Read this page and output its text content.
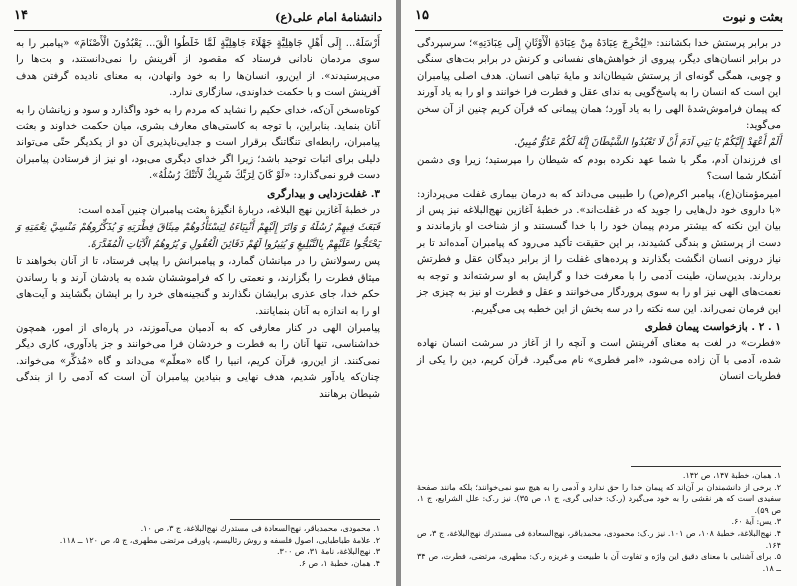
دانشنامهٔ امام علی(ع)
۱۴

أَرْسَلَهُ... إِلَى أَهْلِ جَاهِلِيَّةٍ جَهْلَاءَ جَاهِلِيَّةٍ لَمَّا خَلَطُوا الْقَ... يَعْبُدُونَ الْأَصْنَامَ» «پیامبر را به سوی مردمان نادانی فرستاد که مقصود از آفرینش را نمی‌دانستند، و بت‌ها را می‌پرستیدند». از این‌رو، انسان‌ها را به خود وانهادن، به معنای نادیده گرفتن هدف آفرینش است و با حکمت خداوندی، سازگاری ندارد.

کوتاه‌سخن آن‌که، خدای حکیم را نشاید که مردم را به خود واگذارد و سود و زیانشان را به آنان بنماید. بنابراین، با توجه به کاستی‌های معارف بشری، میان حکمت خداوند و بعثت پیامبران، رابطه‌ای تنگاتنگ برقرار است و جدایی‌ناپذیری آن دو از یکدیگر حتّی می‌تواند دلیلی برای اثبات توحید باشد؛ زیرا اگر خدای دیگری می‌بود، او نیز از فرستادن پیامبران دست فرو نمی‌گذارد: «لَوْ كَانَ لِرَبِّكَ شَرِيكٌ لَأَتَتْكَ رُسُلُهُ».

۳. غفلت‌زدایی و بیدارگری

در خطبهٔ آغازین نهج البلاغه، دربارهٔ انگیزهٔ بعثت پیامبران چنین آمده است:

فَبَعَثَ فِيهِمْ رُسُلَهُ وَ وَاتَرَ إِلَيْهِمْ أَنْبِيَاءَهُ لِيَسْتَأْدُوهُمْ مِيثَاقَ فِطْرَتِهِ وَ يُذَكِّرُوهُمْ مَنْسِيَّ نِعْمَتِهِ وَ يَحْتَجُّوا عَلَيْهِمْ بِالتَّبْلِيغِ وَ يُثِيرُوا لَهُمْ دَفَائِنَ الْعُقُولِ وَ يُرُوهُمُ الْآيَاتِ الْمُقَدَّرَةَ.

پس رسولانش را در میانشان گمارد، و پیامبرانش را پیاپی فرستاد، تا از آنان بخواهند تا میثاق فطرت را بگزارند، و نعمتی را که فراموششان شده به یادشان آرند و با رساندن حکم خدا، جای عذری برایشان نگذارند و گنجینه‌های خرد را بر ایشان بگشایند و آیت‌های او را به اندازه به آنان بنمایانند.

پیامبران الهی در کنار معارفی که به آدمیان می‌آموزند، در پاره‌ای از امور، همچون خداشناسی، تنها آنان را به فطرت و خردشان فرا می‌خوانند و جز یادآوری، کاری دیگر نمی‌کنند. از این‌رو، قرآن کریم، انبیا را گاه «معلّم» می‌داند و گاه «مُذکِّر» می‌خواند. چنان‌که یادآور شدیم، هدف نهایی و بنیادین پیامبران آن است که آدمی را از بندگی شیطان برهانند

۱. محمودی، محمدباقر، نهج‌السعادة فی مستدرك نهج‌البلاغة، ج ۳، ص ۱۰.
۲. علامهٔ طباطبایی، اصول فلسفه و روش رئالیسم، پاورقی مرتضی مطهری، ج ۵، ص ۱۲۰ ــ ۱۱۸.
۳. نهج‌البلاغة، نامهٔ ۳۱، ص ۳۰۰.
۴. همان، خطبهٔ ۱، ص ۶.
بعثت و نبوت
۱۵

در برابر پرستش خدا بکشانند: «لِيُخْرِجَ عِبَادَهُ مِنْ عِبَادَةِ الْأَوْثَانِ إِلَى عِبَادَتِهِ»؛ سرسپردگی در برابر انسان‌های دیگر، پیروی از خواهش‌های نفسانی و کرنش در برابر بت‌های سنگی و چوبی، همگی گونه‌ای از پرستش شیطان‌اند و مایهٔ تباهی انسان. هدف اصلی پیامبران این است که انسان را به پاسخ‌گویی به ندای عقل و فطرت فرا خوانند و او را به یاد آورند که پیمان فراموش‌شدهٔ الهی را به یاد آورد؛ همان پیمانی که قرآن کریم چنین از آن سخن می‌گوید:

أَلَمْ أَعْهَدْ إِلَيْكُمْ يَا بَنِي آدَمَ أَنْ لَا تَعْبُدُوا الشَّيْطَانَ إِنَّهُ لَكُمْ عَدُوٌّ مُبِينٌ.

ای فرزندان آدم، مگر با شما عهد نکرده بودم که شیطان را مپرستید؛ زیرا وی دشمن آشکار شما است؟

امیرمؤمنان(ع)، پیامبر اکرم(ص) را طبیبی می‌داند که به درمان بیماری غفلت می‌پردازد: «با داروی خود دل‌هایی را جوید که در غفلت‌اند». در خطبهٔ آغازین نهج‌البلاغه نیز پس از بیان این نکته که بیشتر مردم پیمان خود را با خدا گسستند و از شناخت او بازماندند و دست از پرستش و بندگی کشیدند، بر این حقیقت تأکید می‌رود که پیامبران آمده‌اند تا بر نیاز درونی انسان انگشت بگذارند و پرده‌های غفلت را از برابر دیدگان عقل و فطرتش بردارند. بدین‌سان، طینت آدمی را با معرفت خدا و گرایش به او سرشته‌اند و توجه به نعمت‌های الهی نیز او را به سوی پروردگار می‌خوانند و عقل و فطرت او نیز به چیزی جز این فرمان نمی‌راند. این سه نکته را در سه بخش از این خطبه پی می‌گیریم.

۱ . ۲ . بازخواست پیمان فطری

«فطرت» در لغت به معنای آفرینش است و آنچه را از آغاز در سرشت انسان نهاده شده، آدمی با آن زاده می‌شود، «امر فطری» نام می‌گیرد. قرآن کریم، دین را یکی از فطریات انسان

۱. همان، خطبهٔ ۱۴۷، ص ۱۴۲.
۲. برخی از دانشمندان بر آن‌اند که پیمان خدا را حق ندارد و آدمی را به هیچ سو نمی‌خوانند؛ بلکه مانند صفحهٔ سفیدی است که هر نقشی را به خود می‌گیرد (ر.ک: خدایی گری، ج ۱، ص ۳۵). نیز ر.ک: علل الشرایع، ج ۱، ص ۵۹).
۳. یس: آیهٔ ۶۰.
۴. نهج‌البلاغة، خطبهٔ ۱۰۸، ص ۱۰۱. نیز ر.ک: محمودی، محمدباقر، نهج‌السعادة فی مستدرك نهج‌البلاغة، ج ۳، ص ۱۶۴.
۵. برای آشنایی با معنای دقیق این واژه و تفاوت آن با طبیعت و غریزه ر.ک: مطهری، مرتضی، فطرت، ص ۳۴ ــ ۱۸.
